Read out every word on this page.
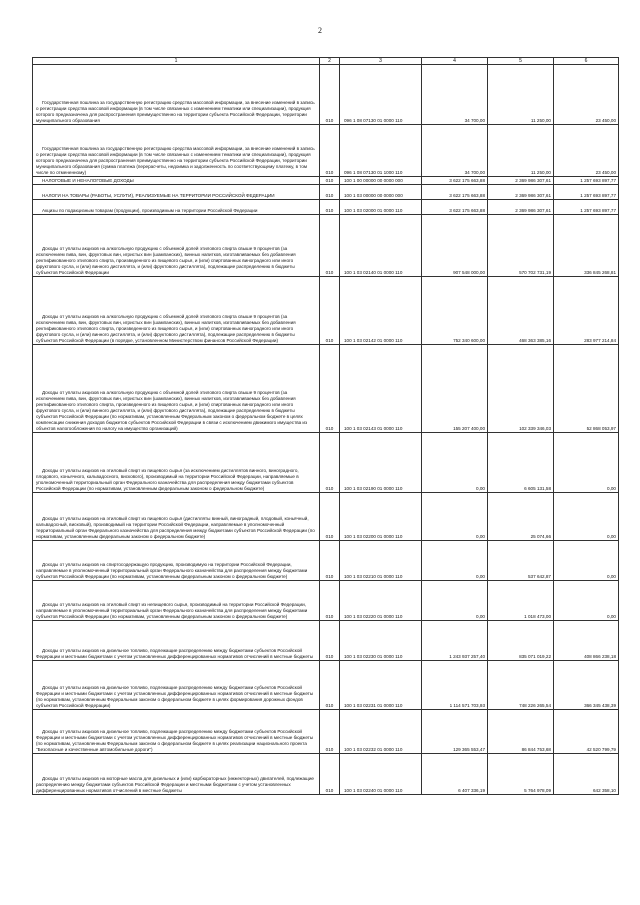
2
1	2	3	4	5	6

Государственная пошлина за государственную регистрацию средства массовой информации, за внесение изменений в запись о регистрации средства массовой информации (в том числе связанных с изменением тематики или специализации), продукция которого предназначена для распространения преимущественно на территории субъекта Российской Федерации, территории муниципального образования	010	096 1 08 07130 01 0000 110	34 700,00	11 250,00	23 450,00

Государственная пошлина за государственную регистрацию средства массовой информации, за внесение изменений в запись о регистрации средства массовой информации (в том числе связанных с изменением тематики или специализации), продукция которого предназначена для распространения преимущественно на территории субъекта Российской Федерации, территории муниципального образования (сумма платежа (перерасчеты, недоимка и задолженность по соответствующему платежу, в том числе по отмененному)	010	096 1 08 07130 01 1000 110	34 700,00	11 250,00	23 450,00

НАЛОГОВЫЕ И НЕНАЛОГОВЫЕ ДОХОДЫ	010	100 1 00 00000 00 0000 000	3 622 175 663,88	2 369 986 307,61	1 257 693 897,77

НАЛОГИ НА ТОВАРЫ (РАБОТЫ, УСЛУГИ), РЕАЛИЗУЕМЫЕ НА ТЕРРИТОРИИ РОССИЙСКОЙ ФЕДЕРАЦИИ	010	100 1 03 00000 00 0000 000	3 622 175 663,88	2 369 986 307,61	1 257 693 897,77

Акцизы по подакцизным товарам (продукции), производимым на территории Российской Федерации	010	100 1 03 02000 01 0000 110	3 622 175 663,88	2 369 986 307,61	1 257 693 897,77

Доходы от уплаты акцизов на алкогольную продукцию с объемной долей этилового спирта свыше 9 процентов (за исключением пива, вин, фруктовых вин, игристых вин (шампанских), винных напитков, изготавливаемых без добавления ректификованного этилового спирта, произведенного из пищевого сырья, и (или) спиртованных виноградного или иного фруктового сусла, и (или) винного дистиллята, и (или) фруктового дистиллята), подлежащие распределению в бюджеты субъектов Российской Федерации	010	100 1 03 02140 01 0000 110	907 548 000,00	570 702 731,19	336 845 268,81

Доходы от уплаты акцизов на алкогольную продукцию с объемной долей этилового спирта свыше 9 процентов (за исключением пива, вин, фруктовых вин, игристых вин (шампанских), винных напитков, изготавливаемых без добавления ректификованного этилового спирта, произведенного из пищевого сырья, и (или) спиртованных виноградного или иного фруктового сусла, и (или) винного дистиллята, и (или) фруктового дистиллята), подлежащие распределению в бюджеты субъектов Российской Федерации (в порядке, установленном Министерством финансов Российской Федерации)	010	100 1 03 02142 01 0000 110	752 340 600,00	468 363 385,16	283 977 214,84

Доходы от уплаты акцизов на алкогольную продукцию с объемной долей этилового спирта свыше 9 процентов (за исключением пива, вин, фруктовых вин, игристых вин (шампанских), винных напитков, изготавливаемых без добавления ректификованного этилового спирта, произведенного из пищевого сырья, и (или) спиртованных виноградного или иного фруктового сусла, и (или) винного дистиллята, и (или) фруктового дистиллята), подлежащие распределению в бюджеты субъектов Российской Федерации (по нормативам, установленным Федеральным законом о федеральном бюджете в целях компенсации снижения доходов бюджетов субъектов Российской Федерации в связи с исключением движимого имущества из объектов налогообложения по налогу на имущество организаций)	010	100 1 03 02143 01 0000 110	155 207 400,00	102 339 346,03	52 868 053,97

Доходы от уплаты акцизов на этиловый спирт из пищевого сырья (за исключением дистиллятов винного, виноградного, плодового, коньячного, кальвадосного, вискового), производимый на территории Российской Федерации, направляемые в уполномоченный территориальный орган Федерального казначейства для распределения между бюджетами субъектов Российской Федерации (по нормативам, установленным федеральным законом о федеральном бюджете)	010	100 1 03 02190 01 0000 110	0,00	6 605 131,58	0,00

Доходы от уплаты акцизов на этиловый спирт из пищевого сырья (дистилляты винный, виноградный, плодовый, коньячный, кальвадосный, висковый), производимый на территории Российской Федерации, направляемые в уполномоченный территориальный орган Федерального казначейства для распределения между бюджетами субъектов Российской Федерации (по нормативам, установленным федеральным законом о федеральном бюджете)	010	100 1 03 02200 01 0000 110	0,00	25 074,66	0,00

Доходы от уплаты акцизов на спиртосодержащую продукцию, производимую на территории Российской Федерации, направляемые в уполномоченный территориальный орган Федерального казначейства для распределения между бюджетами субъектов Российской Федерации (по нормативам, установленным федеральным законом о федеральном бюджете)	010	100 1 03 02210 01 0000 110	0,00	537 642,87	0,00

Доходы от уплаты акцизов на этиловый спирт из непищевого сырья, производимый на территории Российской Федерации, направляемые в уполномоченный территориальный орган Федерального казначейства для распределения между бюджетами субъектов Российской Федерации (по нормативам, установленным федеральным законом о федеральном бюджете)	010	100 1 03 02220 01 0000 110	0,00	1 018 473,00	0,00

Доходы от уплаты акцизов на дизельное топливо, подлежащие распределению между бюджетами субъектов Российской Федерации и местными бюджетами с учетом установленных дифференцированных нормативов отчислений в местные бюджеты	010	100 1 03 02230 01 0000 110	1 243 937 257,40	835 071 019,22	408 866 238,18

Доходы от уплаты акцизов на дизельное топливо, подлежащие распределению между бюджетами субъектов Российской Федерации и местными бюджетами с учетом установленных дифференцированных нормативов отчислений в местные бюджеты (по нормативам, установленным Федеральным законом о федеральном бюджете в целях формирования дорожных фондов субъектов Российской Федерации)	010	100 1 03 02231 01 0000 110	1 114 571 703,93	748 226 265,54	366 345 438,39

Доходы от уплаты акцизов на дизельное топливо, подлежащие распределению между бюджетами субъектов Российской Федерации и местными бюджетами с учетом установленных дифференцированных нормативов отчислений в местные бюджеты (по нормативам, установленным Федеральным законом о федеральном бюджете в целях реализации национального проекта "Безопасные и качественные автомобильные дороги")	010	100 1 03 02232 01 0000 110	129 365 553,47	86 844 753,68	42 520 799,79

Доходы от уплаты акцизов на моторные масла для дизельных и (или) карбюраторных (инжекторных) двигателей, подлежащие распределению между бюджетами субъектов Российской Федерации и местными бюджетами с учетом установленных дифференцированных нормативов отчислений в местные бюджеты	010	100 1 03 02240 01 0000 110	6 407 336,19	5 764 978,09	642 358,10
